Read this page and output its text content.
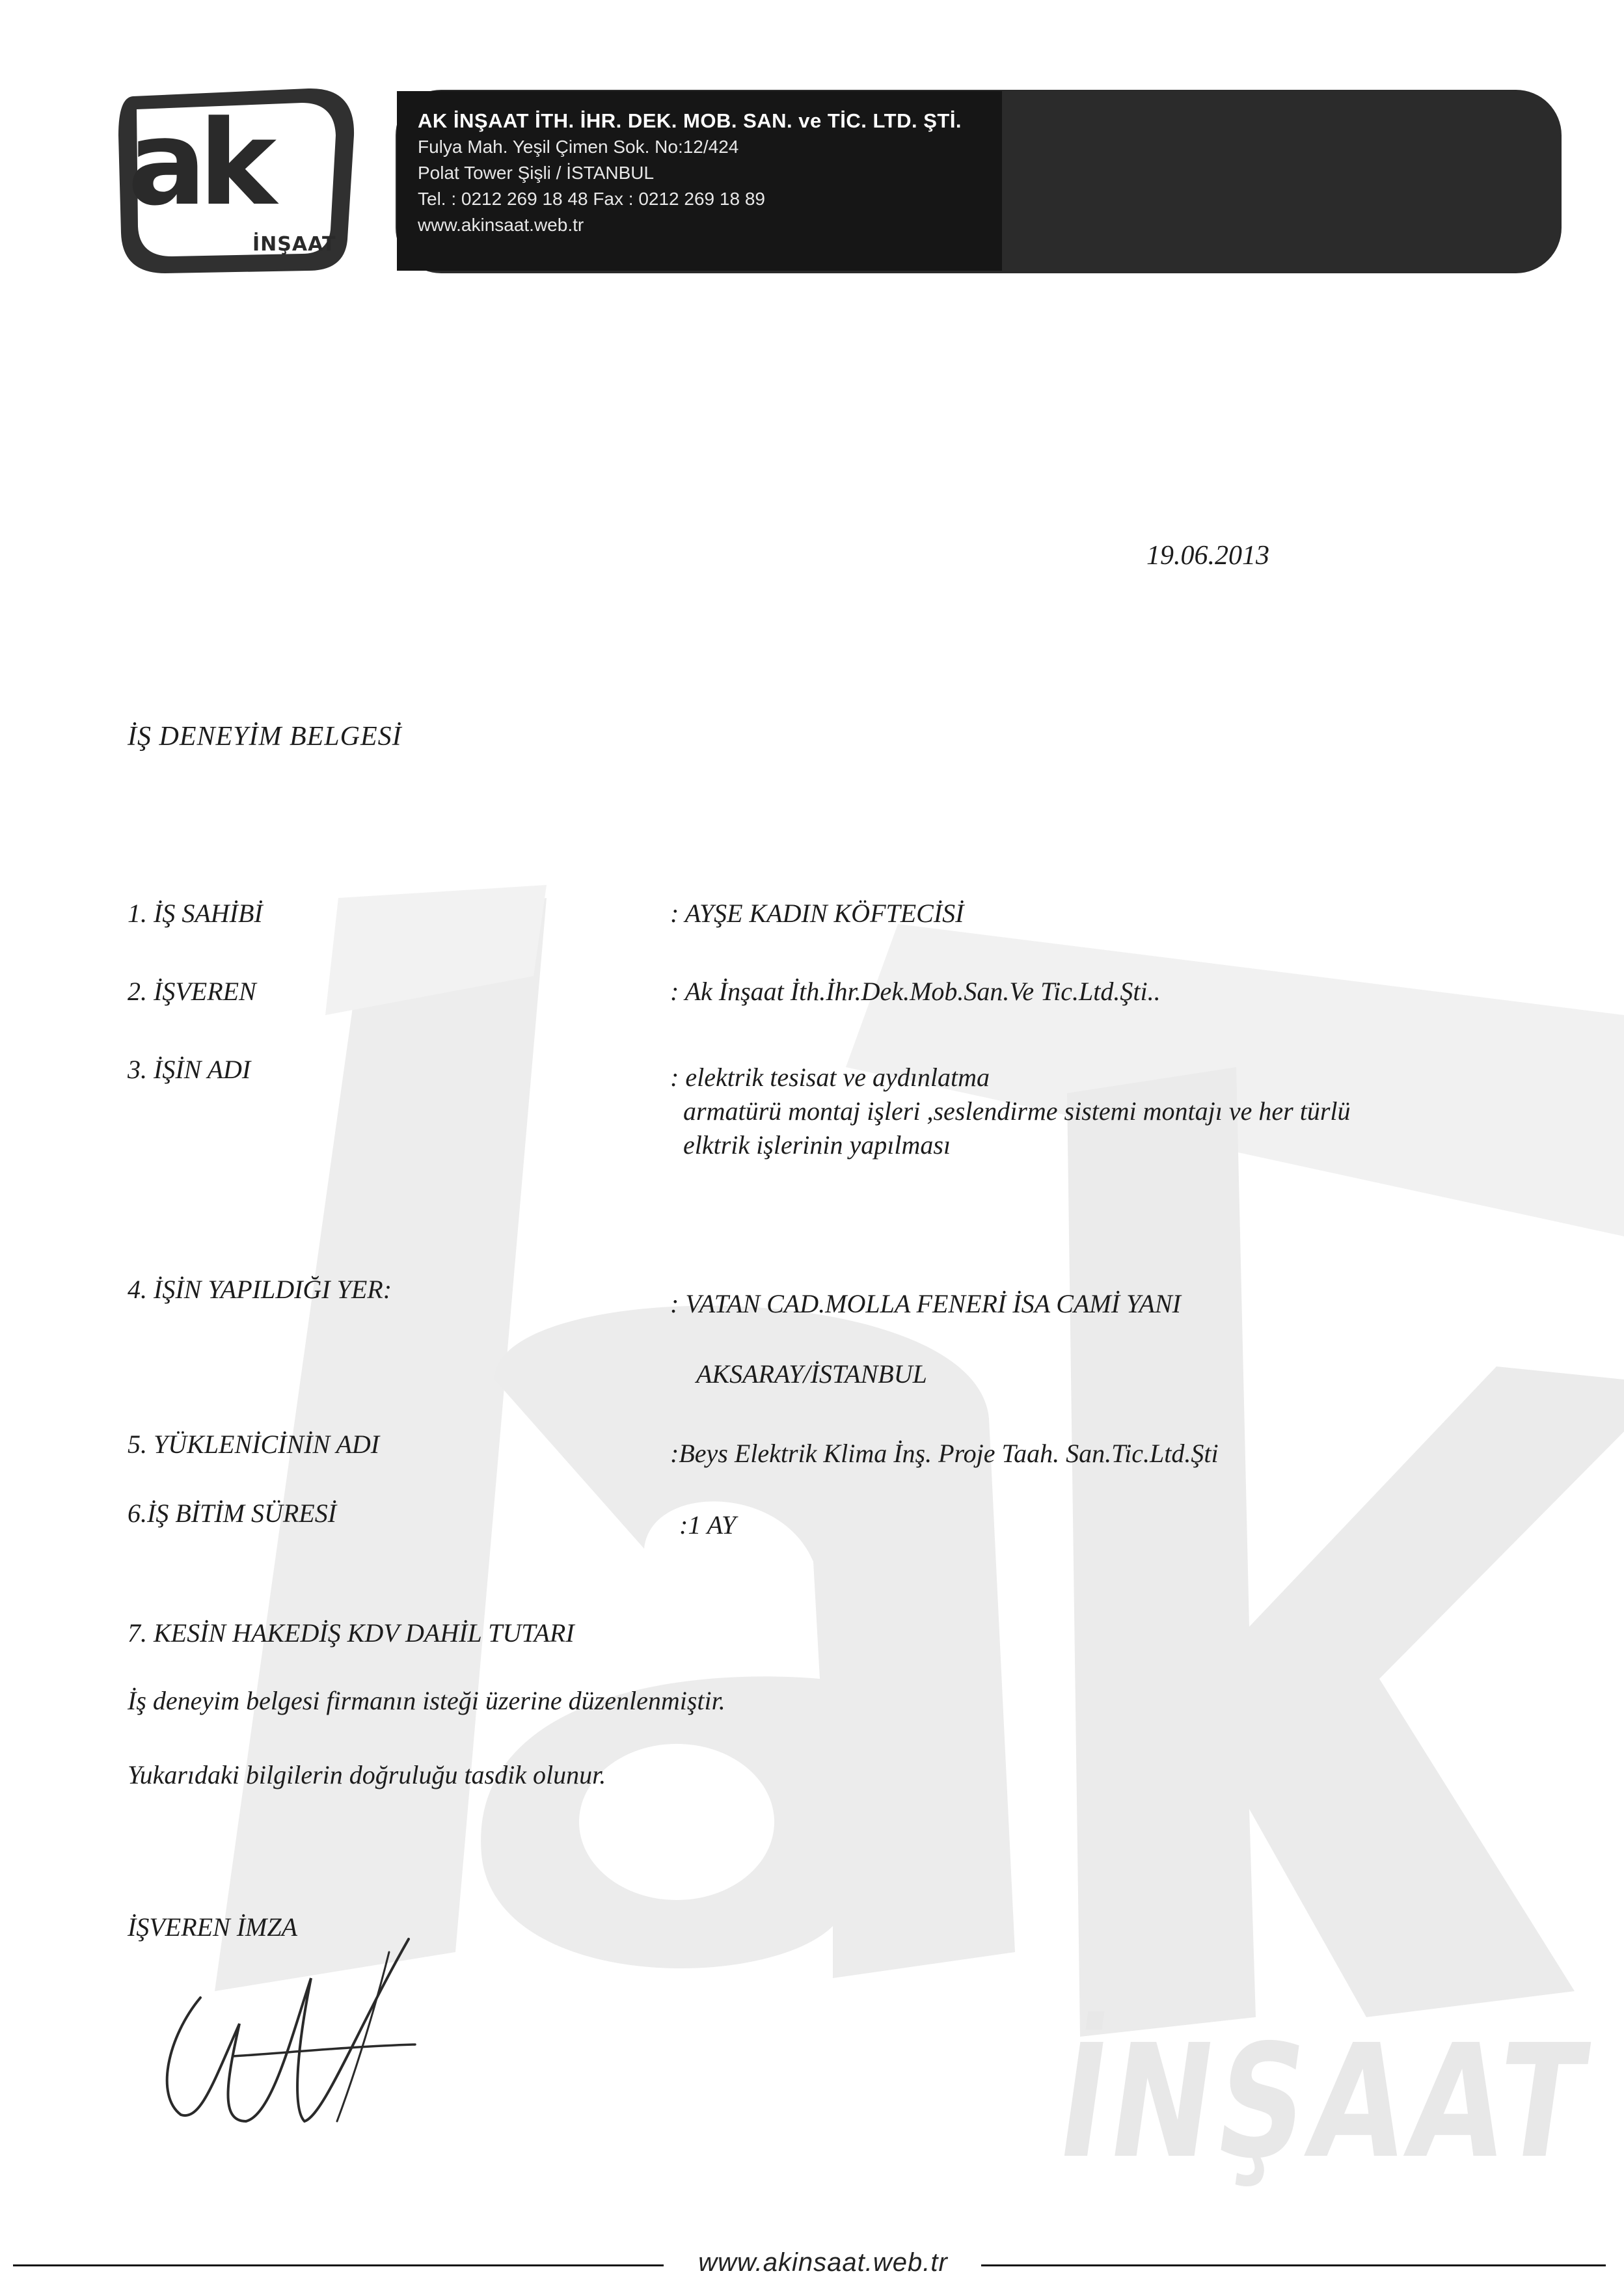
İNŞAAT
ak
İNŞAAT
AK İNŞAAT İTH. İHR. DEK. MOB. SAN. ve TİC. LTD. ŞTİ.
Fulya Mah. Yeşil Çimen Sok. No:12/424
Polat Tower Şişli / İSTANBUL
Tel. : 0212 269 18 48 Fax : 0212 269 18 89
www.akinsaat.web.tr
19.06.2013
İŞ DENEYİM BELGESİ
1. İŞ SAHİBİ	: AYŞE KADIN KÖFTECİSİ
2. İŞVEREN	: Ak İnşaat İth.İhr.Dek.Mob.San.Ve Tic.Ltd.Şti..
3. İŞİN ADI	: elektrik tesisat ve aydınlatma
armatürü montaj işleri ,seslendirme sistemi montajı ve her türlü
elktrik işlerinin yapılması
4. İŞİN YAPILDIĞI YER:	: VATAN CAD.MOLLA FENERİ İSA CAMİ YANI
AKSARAY/İSTANBUL
5. YÜKLENİCİNİN ADI	:Beys Elektrik Klima İnş. Proje Taah. San.Tic.Ltd.Şti
6.İŞ BİTİM SÜRESİ	:1 AY
7. KESİN HAKEDİŞ KDV DAHİL TUTARI
İş deneyim belgesi firmanın isteği üzerine düzenlenmiştir.
Yukarıdaki bilgilerin doğruluğu tasdik olunur.
İŞVEREN İMZA
www.akinsaat.web.tr
